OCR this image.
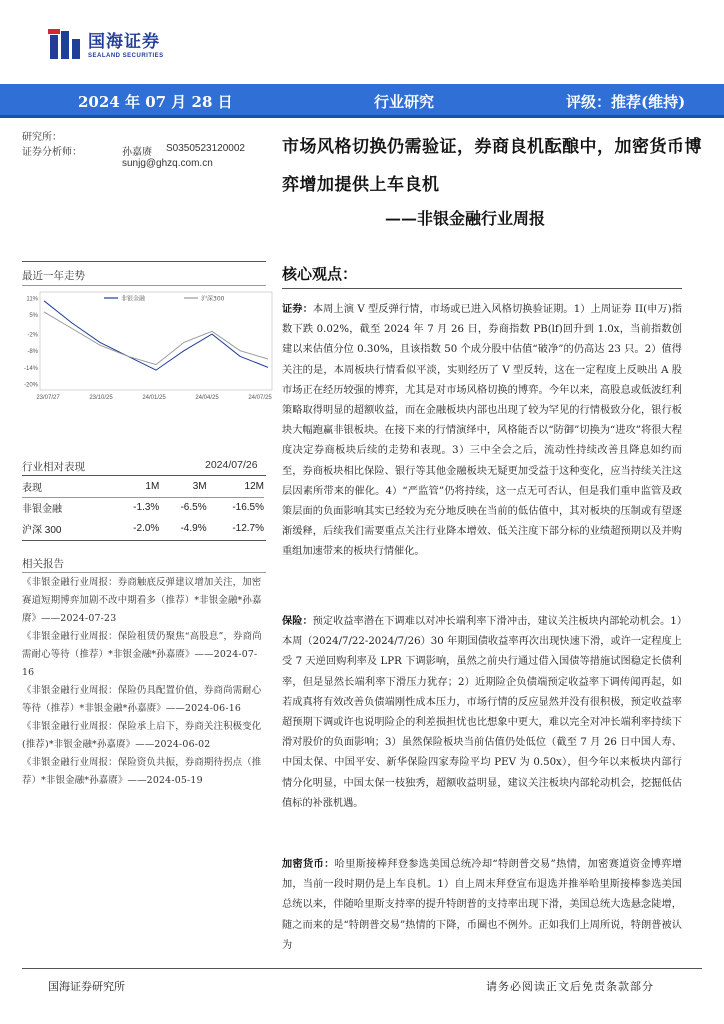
国海证券
SEALAND SECURITIES
2024 年 07 月 28 日	行业研究	评级：推荐(维持)
研究所：
证券分析师：	孙嘉赓 S0350523120002
sunjg@ghzq.com.cn
市场风格切换仍需验证，券商良机酝酿中，加密货币博弈增加提供上车良机
——非银金融行业周报
最近一年走势
11%
5%
-2%
-8%
-14%
-20%
23/07/27	23/10/25	24/01/25	24/04/25	24/07/25
非银金融	沪深300
行业相对表现	2024/07/26
表现	1M	3M	12M
非银金融	-1.3%	-6.5%	-16.5%
沪深 300	-2.0%	-4.9%	-12.7%
相关报告
《非银金融行业周报：券商触底反弹建议增加关注，加密赛道短期博弈加剧不改中期看多（推荐）*非银金融*孙嘉赓》——2024-07-23
《非银金融行业周报：保险租赁仍聚焦“高股息”，券商尚需耐心等待（推荐）*非银金融*孙嘉赓》——2024-07-16
《非银金融行业周报：保险仍具配置价值，券商尚需耐心等待（推荐）*非银金融*孙嘉赓》——2024-06-16
《非银金融行业周报：保险承上启下，券商关注积极变化(推荐)*非银金融*孙嘉赓》——2024-06-02
《非银金融行业周报：保险资负共振，券商期待拐点（推荐）*非银金融*孙嘉赓》——2024-05-19
核心观点：
证券：本周上演 V 型反弹行情，市场或已进入风格切换验证期。1）上周证券 II(申万)指数下跌 0.02%，截至 2024 年 7 月 26 日，券商指数 PB(lf)回升到 1.0x，当前指数创建以来估值分位 0.30%，且该指数 50 个成分股中估值“破净”的仍高达 23 只。2）值得关注的是，本周板块行情看似平淡，实则经历了 V 型反转，这在一定程度上反映出 A 股市场正在经历较强的博弈，尤其是对市场风格切换的博弈。今年以来，高股息或低波红利策略取得明显的超额收益，而在金融板块内部也出现了较为罕见的行情极致分化，银行板块大幅跑赢非银板块。在接下来的行情演绎中，风格能否以“防御”切换为“进攻”将很大程度决定券商板块后续的走势和表现。3）三中全会之后，流动性持续改善且降息如约而至，券商板块相比保险、银行等其他金融板块无疑更加受益于这种变化，应当持续关注这层因素所带来的催化。4）“严监管”仍将持续，这一点无可否认，但是我们重申监管及政策层面的负面影响其实已经较为充分地反映在当前的低估值中，其对板块的压制或有望逐渐缓释，后续我们需要重点关注行业降本增效、低关注度下部分标的业绩超预期以及并购重组加速带来的板块行情催化。
保险：预定收益率潜在下调难以对冲长端利率下滑冲击，建议关注板块内部轮动机会。1）本周（2024/7/22-2024/7/26）30 年期国债收益率再次出现快速下滑，或许一定程度上受 7 天逆回购利率及 LPR 下调影响，虽然之前央行通过借入国债等措施试图稳定长债利率，但是显然长端利率下滑压力犹存；2）近期险企负债端预定收益率下调传闻再起，如若成真将有效改善负债端刚性成本压力，市场行情的反应显然并没有很积极，预定收益率超预期下调或许也说明险企的利差损担忧也比想象中更大，难以完全对冲长端利率持续下滑对股价的负面影响；3）虽然保险板块当前估值仍处低位（截至 7 月 26 日中国人寿、中国太保、中国平安、新华保险四家寿险平均 PEV 为 0.50x），但今年以来板块内部行情分化明显，中国太保一枝独秀，超额收益明显，建议关注板块内部轮动机会，挖掘低估值标的补涨机遇。
加密货币：哈里斯接棒拜登参选美国总统冷却“特朗普交易”热情，加密赛道资金博弈增加，当前一段时期仍是上车良机。1）自上周末拜登宣布退选并推举哈里斯接棒参选美国总统以来，伴随哈里斯支持率的提升特朗普的支持率出现下滑，美国总统大选悬念陡增，随之而来的是“特朗普交易”热情的下降，币圈也不例外。正如我们上周所说，特朗普被认为
国海证券研究所	请务必阅读正文后免责条款部分
